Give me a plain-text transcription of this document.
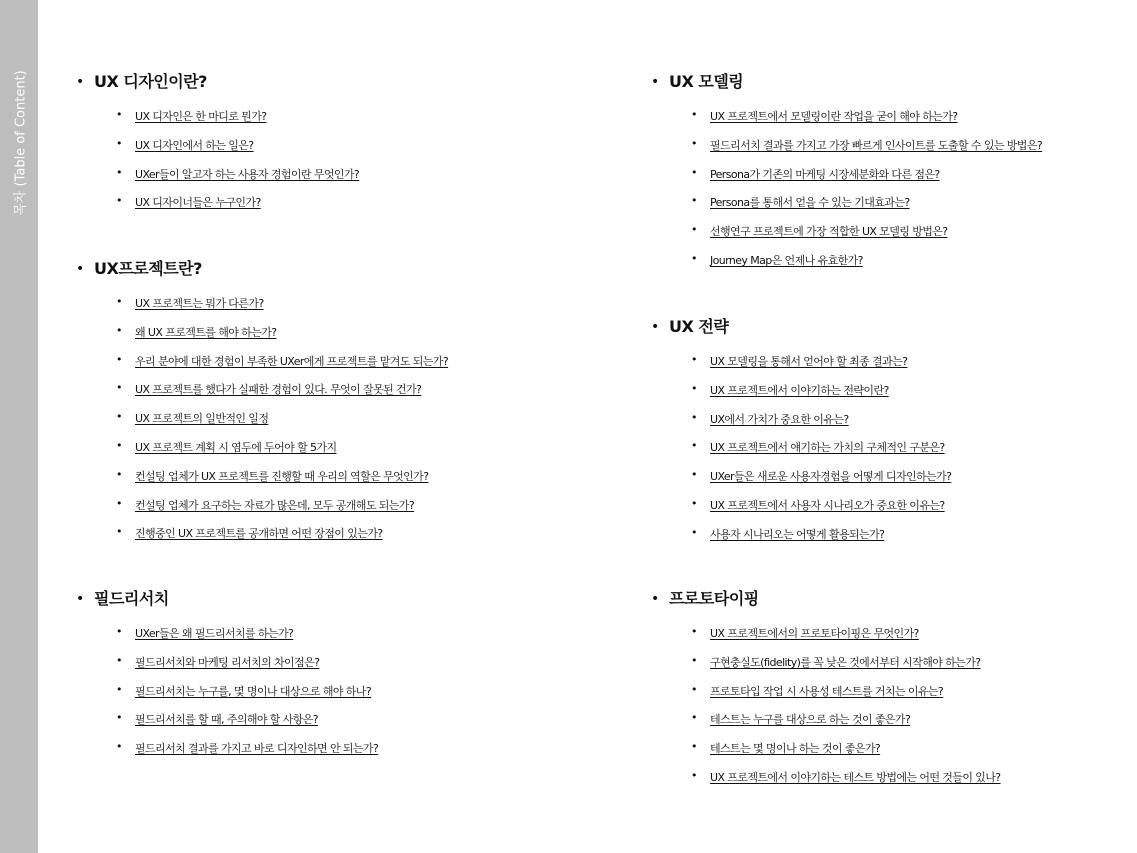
목차 (Table of Content)
•	UX 디자인이란?
• UX 디자인은 한 마디로 뭔가?
• UX 디자인에서 하는 일은?
• UXer들이 알고자 하는 사용자 경험이란 무엇인가?
• UX 디자이너들은 누구인가?
• UX프로젝트란?
• UX 프로젝트는 뭐가 다른가?
• 왜 UX 프로젝트를 해야 하는가?
• 우리 분야에 대한 경험이 부족한 UXer에게 프로젝트를 맡겨도 되는가?
• UX 프로젝트를 했다가 실패한 경험이 있다. 무엇이 잘못된 건가?
• UX 프로젝트의 일반적인 일정
• UX 프로젝트 계획 시 염두에 두어야 할 5가지
• 컨설팅 업체가 UX 프로젝트를 진행할 때 우리의 역할은 무엇인가?
• 컨설팅 업체가 요구하는 자료가 많은데, 모두 공개해도 되는가?
• 진행중인 UX 프로젝트를 공개하면 어떤 장점이 있는가?
• 필드리서치
• UXer들은 왜 필드리서치를 하는가?
• 필드리서치와 마케팅 리서치의 차이점은?
• 필드리서치는 누구를, 몇 명이나 대상으로 해야 하나?
• 필드리서치를 할 때, 주의해야 할 사항은?
• 필드리서치 결과를 가지고 바로 디자인하면 안 되는가?
• UX 모델링
• UX 프로젝트에서 모델링이란 작업을 굳이 해야 하는가?
• 필드리서치 결과를 가지고 가장 빠르게 인사이트를 도출할 수 있는 방법은?
• Persona가 기존의 마케팅 시장세분화와 다른 점은?
• Persona를 통해서 얻을 수 있는 기대효과는?
• 선행연구 프로젝트에 가장 적합한 UX 모델링 방법은?
• Journey Map은 언제나 유효한가?
• UX 전략
• UX 모델링을 통해서 얻어야 할 최종 결과는?
• UX 프로젝트에서 이야기하는 전략이란?
• UX에서 가치가 중요한 이유는?
• UX 프로젝트에서 얘기하는 가치의 구체적인 구분은?
• UXer들은 새로운 사용자경험을 어떻게 디자인하는가?
• UX 프로젝트에서 사용자 시나리오가 중요한 이유는?
• 사용자 시나리오는 어떻게 활용되는가?
• 프로토타이핑
• UX 프로젝트에서의 프로토타이핑은 무엇인가?
• 구현충실도(fidelity)를 꼭 낮은 것에서부터 시작해야 하는가?
• 프로토타입 작업 시 사용성 테스트를 거치는 이유는?
• 테스트는 누구를 대상으로 하는 것이 좋은가?
• 테스트는 몇 명이나 하는 것이 좋은가?
• UX 프로젝트에서 이야기하는 테스트 방법에는 어떤 것들이 있나?
